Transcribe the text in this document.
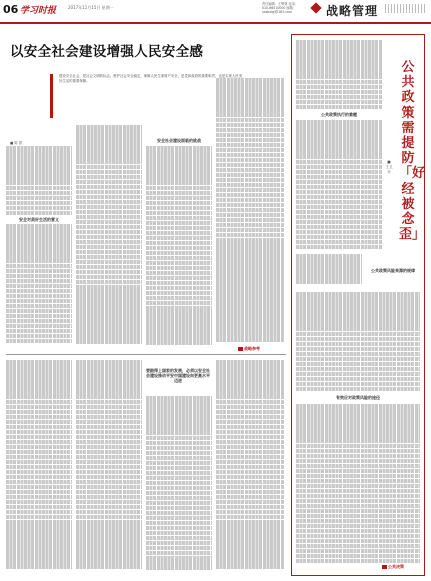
06 学习时报	2017年11月15日 星期一
责任编辑：王辉林 电话：010-66510000 邮箱：xxsbzlgl@163.com	战略管理
以安全社会建设增强人民安全感
建设安全社会，是社会文明的标志。维护社会安全稳定，保障人民生命财产安全，是党和政府的重要职责，也是实现人民美好生活的重要保障。
■ 陈 国
安全对美好生活的意义
安全社会建设面临的挑战
战略参考
要跟得上国家的发展，必须以安全社会建设推动平安中国建设向更高水平迈进
公共政策需提防「好经被念歪」
■ 王卫东
公共政策执行的难题
公共政策风险来源的规律
有效应对政策风险的途径
公共决策
